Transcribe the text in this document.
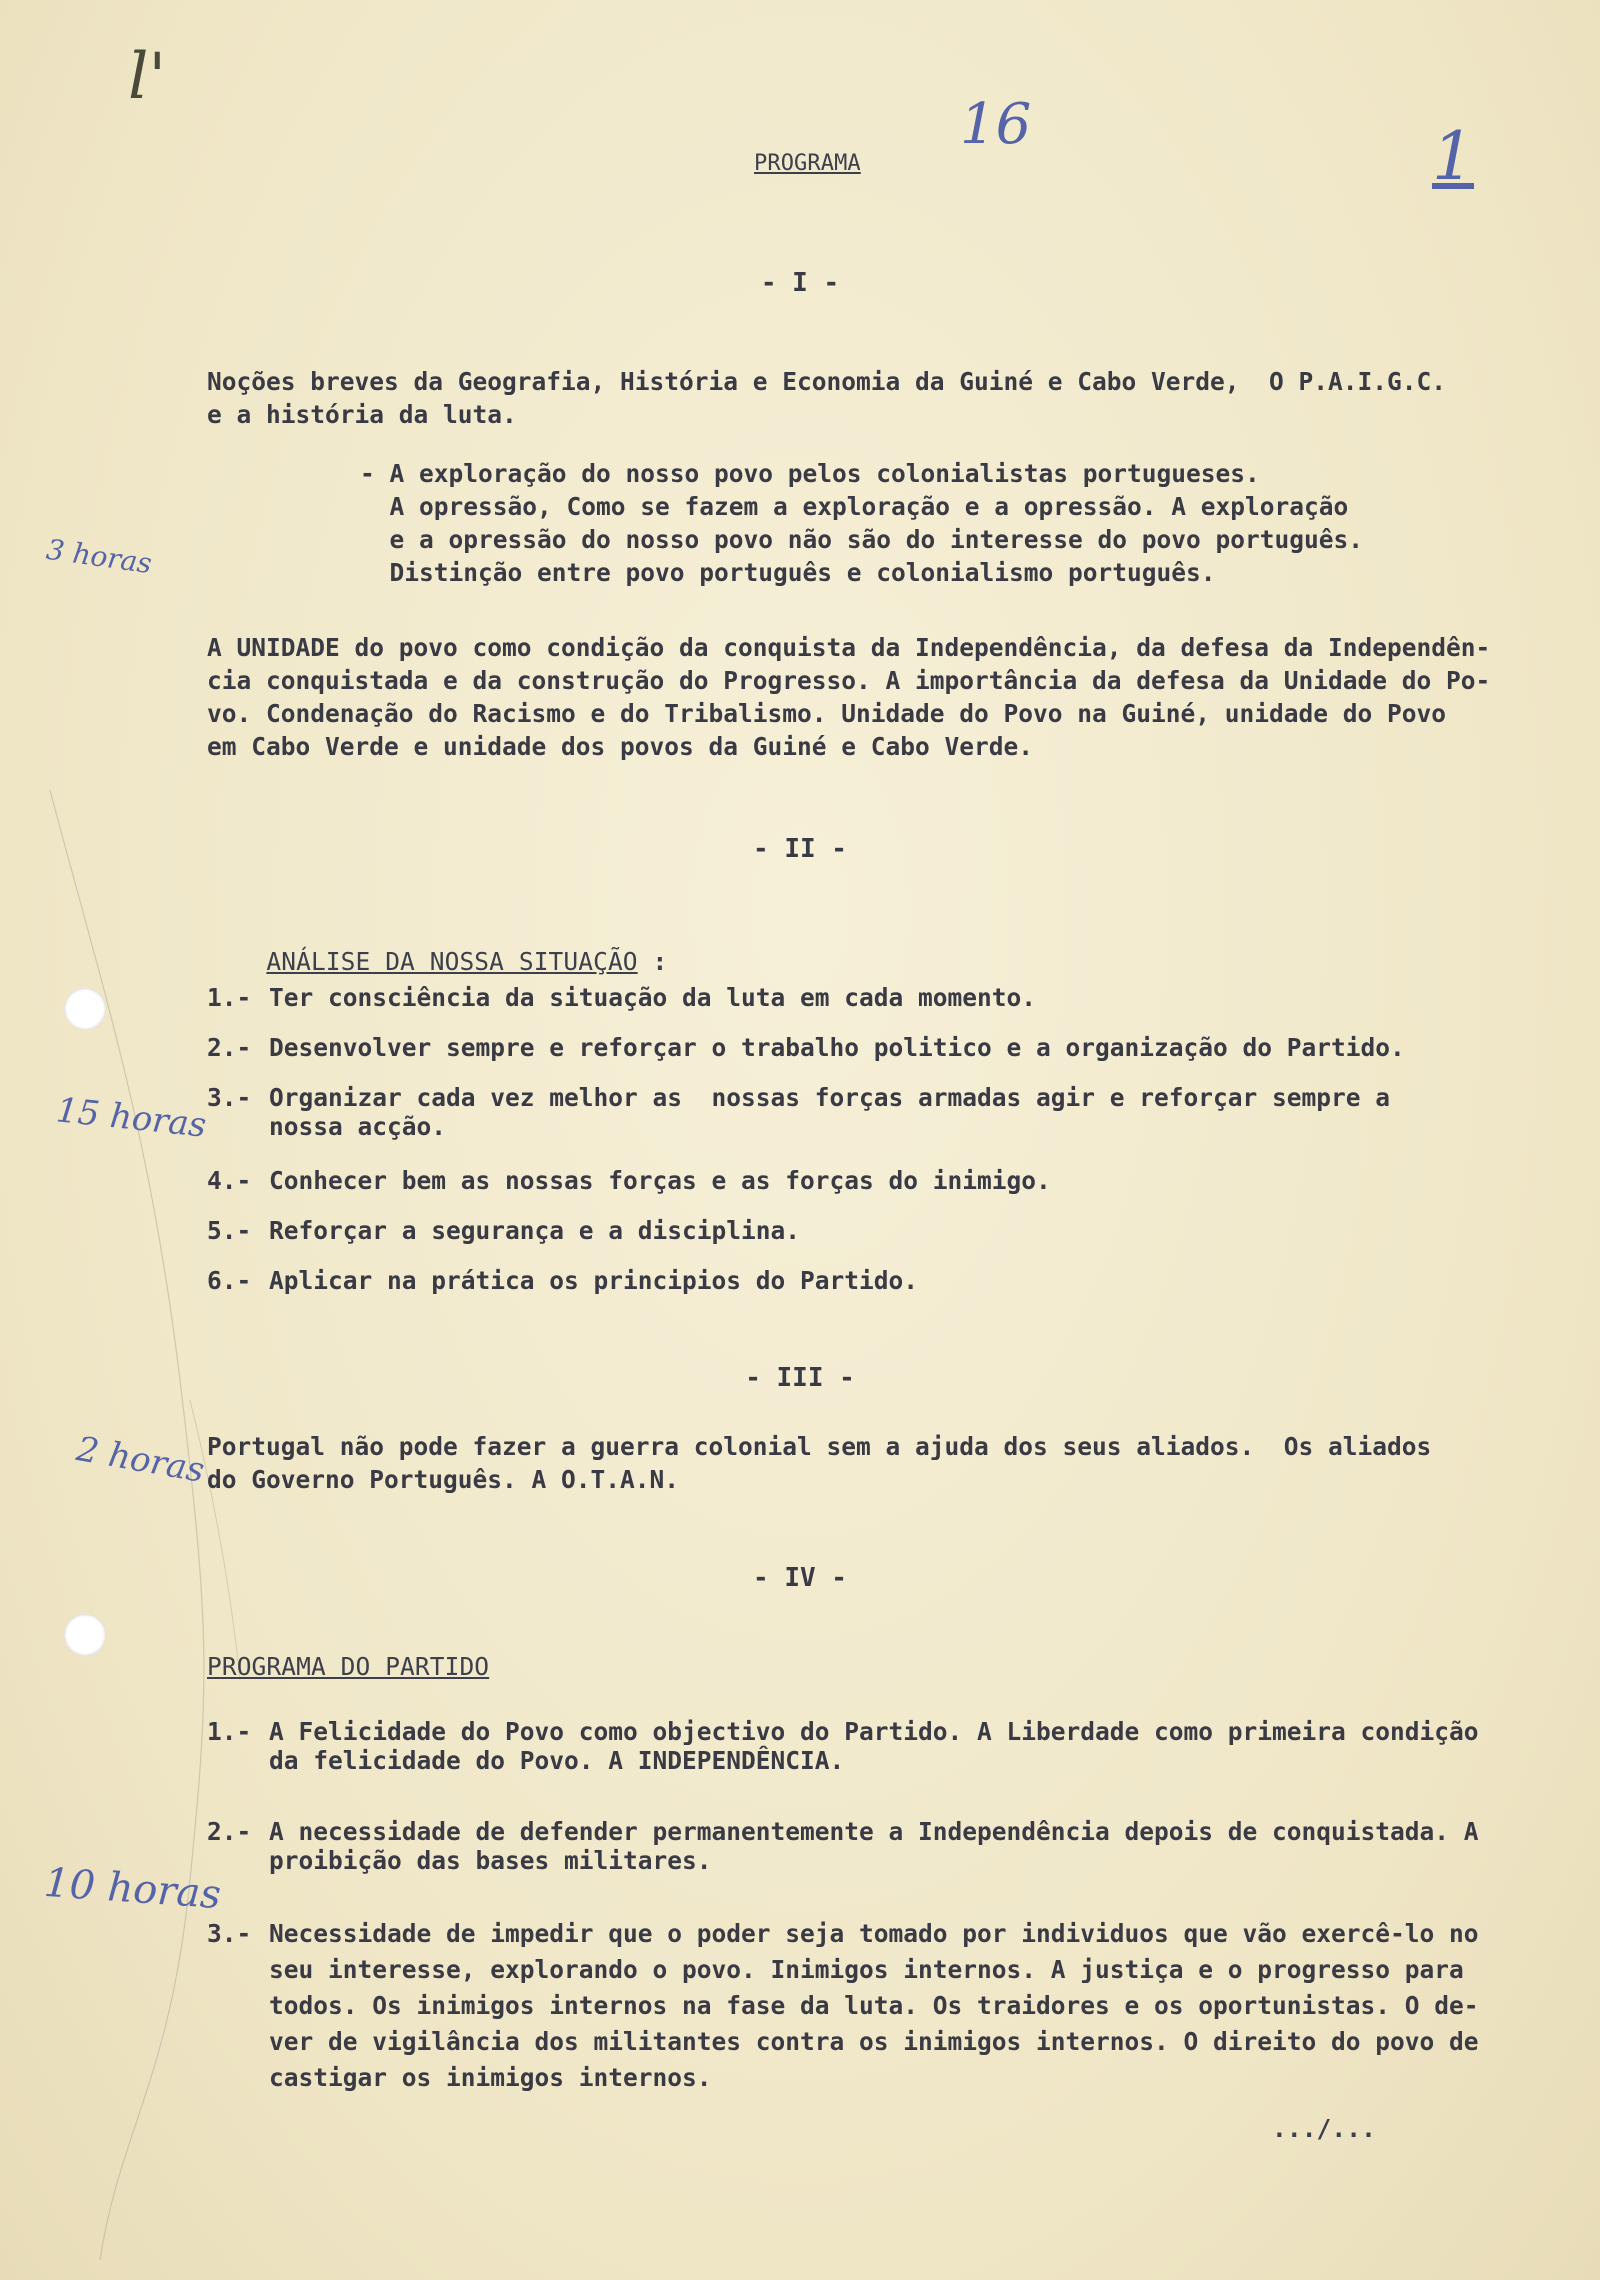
l'
16	1
3 horas
15 horas
2 horas
10 horas
PROGRAMA
- I -
Noções breves da Geografia, História e Economia da Guiné e Cabo Verde,  O P.A.I.G.C.
e a história da luta.
- A exploração do nosso povo pelos colonialistas portugueses.
A opressão, Como se fazem a exploração e a opressão. A exploração
e a opressão do nosso povo não são do interesse do povo português.
Distinção entre povo português e colonialismo português.
A UNIDADE do povo como condição da conquista da Independência, da defesa da Independên-
cia conquistada e da construção do Progresso. A importância da defesa da Unidade do Po-
vo. Condenação do Racismo e do Tribalismo. Unidade do Povo na Guiné, unidade do Povo
em Cabo Verde e unidade dos povos da Guiné e Cabo Verde.
- II -

ANÁLISE DA NOSSA SITUAÇÃO :

1.- Ter consciência da situação da luta em cada momento.
2.- Desenvolver sempre e reforçar o trabalho politico e a organização do Partido.
3.- Organizar cada vez melhor as  nossas forças armadas agir e reforçar sempre a
nossa acção.
4.- Conhecer bem as nossas forças e as forças do inimigo.
5.- Reforçar a segurança e a disciplina.
6.- Aplicar na prática os principios do Partido.
- III -
Portugal não pode fazer a guerra colonial sem a ajuda dos seus aliados.  Os aliados
do Governo Português. A O.T.A.N.
- IV -
PROGRAMA DO PARTIDO
1.- A Felicidade do Povo como objectivo do Partido. A Liberdade como primeira condição
da felicidade do Povo. A INDEPENDÊNCIA.
2.- A necessidade de defender permanentemente a Independência depois de conquistada. A
proibição das bases militares.
3.- Necessidade de impedir que o poder seja tomado por individuos que vão exercê-lo no
seu interesse, explorando o povo. Inimigos internos. A justiça e o progresso para
todos. Os inimigos internos na fase da luta. Os traidores e os oportunistas. O de-
ver de vigilância dos militantes contra os inimigos internos. O direito do povo de
castigar os inimigos internos.
.../...
